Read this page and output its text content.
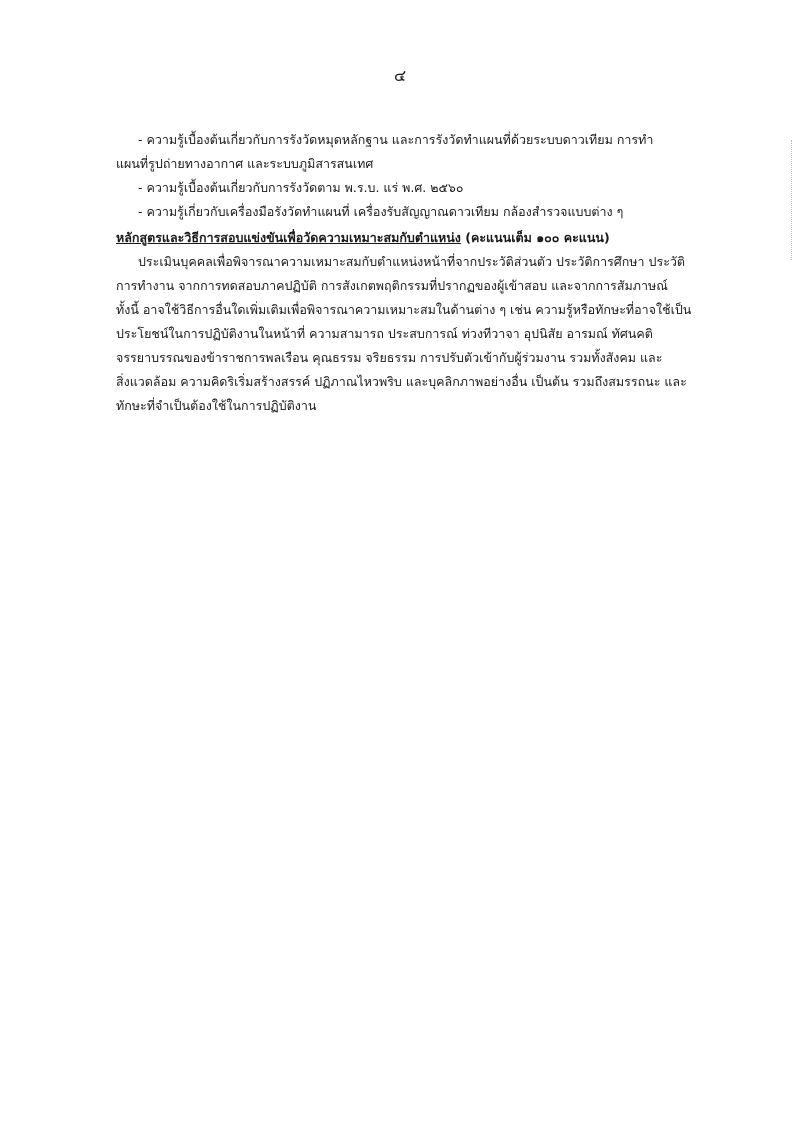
๔
- ความรู้เบื้องต้นเกี่ยวกับการรังวัดหมุดหลักฐาน และการรังวัดทำแผนที่ด้วยระบบดาวเทียม การทำ
แผนที่รูปถ่ายทางอากาศ และระบบภูมิสารสนเทศ
- ความรู้เบื้องต้นเกี่ยวกับการรังวัดตาม พ.ร.บ. แร่ พ.ศ. ๒๕๖๐
- ความรู้เกี่ยวกับเครื่องมือรังวัดทำแผนที่ เครื่องรับสัญญาณดาวเทียม กล้องสำรวจแบบต่าง ๆ
หลักสูตรและวิธีการสอบแข่งขันเพื่อวัดความเหมาะสมกับตำแหน่ง (คะแนนเต็ม ๑๐๐ คะแนน)
ประเมินบุคคลเพื่อพิจารณาความเหมาะสมกับตำแหน่งหน้าที่จากประวัติส่วนตัว ประวัติการศึกษา ประวัติ
การทำงาน จากการทดสอบภาคปฏิบัติ การสังเกตพฤติกรรมที่ปรากฏของผู้เข้าสอบ และจากการสัมภาษณ์
ทั้งนี้ อาจใช้วิธีการอื่นใดเพิ่มเติมเพื่อพิจารณาความเหมาะสมในด้านต่าง ๆ เช่น ความรู้หรือทักษะที่อาจใช้เป็น
ประโยชน์ในการปฏิบัติงานในหน้าที่ ความสามารถ ประสบการณ์ ท่วงทีวาจา อุปนิสัย อารมณ์ ทัศนคติ
จรรยาบรรณของข้าราชการพลเรือน คุณธรรม จริยธรรม การปรับตัวเข้ากับผู้ร่วมงาน รวมทั้งสังคม และ
สิ่งแวดล้อม ความคิดริเริ่มสร้างสรรค์ ปฏิภาณไหวพริบ และบุคลิกภาพอย่างอื่น เป็นต้น รวมถึงสมรรถนะ และ
ทักษะที่จำเป็นต้องใช้ในการปฏิบัติงาน
